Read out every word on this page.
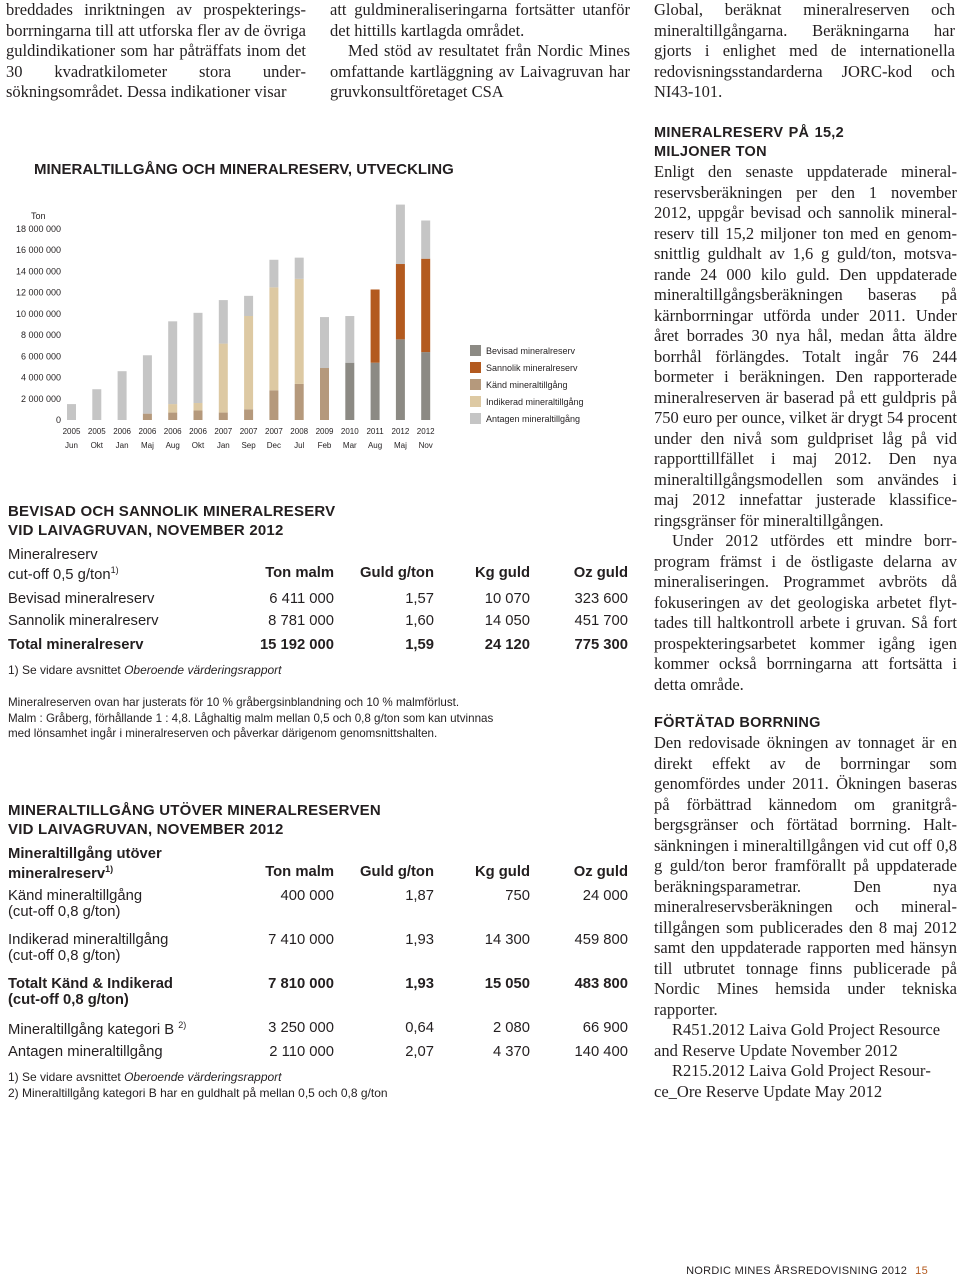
breddades inriktningen av prospekteringsborrningarna till att utforska fler av de övriga guldindikationer som har påträffats inom det 30 kvadratkilometer stora undersökningsområdet. Dessa indikationer visar

att guldmineraliseringarna fortsätter utanför det hittills kartlagda området.

Med stöd av resultatet från Nordic Mines omfattande kartläggning av Laivagruvan har gruvkonsultföretaget CSA

Global, beräknat mineralreserven och mineraltillgångarna. Beräkningarna har gjorts i enlighet med de internationella redovisningsstandarderna JORC-kod och NI43-101.

MINERALTILLGÅNG OCH MINERALRESERV, UTVECKLING
Ton
0
2 000 000
4 000 000
6 000 000
8 000 000
10 000 000
12 000 000
14 000 000
16 000 000
18 000 000
2005
Jun
2005
Okt
2006
Jan
2006
Maj
2006
Aug
2006
Okt
2007
Jan
2007
Sep
2007
Dec
2008
Jul
2009
Feb
2010
Mar
2011
Aug
2012
Maj
2012
Nov
Bevisad mineralreserv
Sannolik mineralreserv
Känd mineraltillgång
Indikerad mineraltillgång
Antagen mineraltillgång
BEVISAD OCH SANNOLIK MINERALRESERV
VID LAIVAGRUVAN, NOVEMBER 2012
Mineralreserv
cut-off 0,5 g/ton$^{1)}$	Ton malm Guld g/ton	Kg guld	Oz guld
Bevisad mineralreserv	6 411 000	1,57	10 070	323 600
Sannolik mineralreserv	8 781 000	1,60	14 050	451 700
Total mineralreserv	15 192 000	1,59	24 120	775 300
1) Se vidare avsnittet Oberoende värderingsrapport
Mineralreserven ovan har justerats för 10 % gråbergsinblandning och 10 % malmförlust.
Malm : Gråberg, förhållande 1 : 4,8. Låghaltig malm mellan 0,5 och 0,8 g/ton som kan utvinnas
med lönsamhet ingår i mineralreserven och påverkar därigenom genomsnittshalten.
MINERALTILLGÅNG UTÖVER MINERALRESERVEN
VID LAIVAGRUVAN, NOVEMBER 2012
Mineraltillgång utöver
mineralreserv$^{1)}$	Ton malm Guld g/ton	Kg guld	Oz guld
Känd mineraltillgång
(cut-off 0,8 g/ton)
400 000	1,87	750	24 000
Indikerad mineraltillgång
(cut-off 0,8 g/ton)
7 410 000	1,93	14 300	459 800
Totalt Känd & Indikerad
(cut-off 0,8 g/ton)
7 810 000	1,93	15 050	483 800
Mineraltillgång kategori B $^{2)}$	3 250 000	0,64	2 080	66 900
Antagen mineraltillgång	2 110 000	2,07	4 370	140 400
1) Se vidare avsnittet Oberoende värderingsrapport
2) Mineraltillgång kategori B har en guldhalt på mellan 0,5 och 0,8 g/ton

MINERALRESERV PÅ 15,2 MILJONER TON

Enligt den senaste uppdaterade mineralreservsberäkningen per den 1 november 2012, uppgår bevisad och sannolik mineralreserv till 15,2 miljoner ton med en genomsnittlig guldhalt av 1,6 g guld/ton, motsvarande 24 000 kilo guld. Den uppdaterade mineraltillgångsberäkningen baseras på kärnborrningar utförda under 2011. Under året borrades 30 nya hål, medan åtta äldre borrhål förlängdes. Totalt ingår 76 244 bormeter i beräkningen. Den rapporterade mineralreserven är baserad på ett guldpris på 750 euro per ounce, vilket är drygt 54 procent under den nivå som guldpriset låg på vid rapporttillfället i maj 2012. Den nya mineraltillgångsmodellen som användes i maj 2012 innefattar justerade klassificeringsgränser för mineraltillgången.

Under 2012 utfördes ett mindre borrprogram främst i de östligaste delarna av mineraliseringen. Programmet avbröts då fokuseringen av det geologiska arbetet flyttades till haltkontroll arbete i gruvan. Så fort prospekteringsarbetet kommer igång igen kommer också borrningarna att fortsätta i detta område.

FÖRTÄTAD BORRNING

Den redovisade ökningen av tonnaget är en direkt effekt av de borrningar som genomfördes under 2011. Ökningen baseras på förbättrad kännedom om granitgråbergsgränser och förtätad borrning. Haltsänkningen i mineraltillgången vid cut off 0,8 g guld/ton beror framförallt på uppdaterade beräkningsparametrar. Den nya mineralreservsberäkningen och mineraltillgången som publicerades den 8 maj 2012 samt den uppdaterade rapporten med hänsyn till utbrutet tonnage finns publicerade på Nordic Mines hemsida under tekniska rapporter.

R451.2012 Laiva Gold Project Resource and Reserve Update November 2012

R215.2012 Laiva Gold Project Resource_Ore Reserve Update May 2012

NORDIC MINES ÅRSREDOVISNING 2012 15
